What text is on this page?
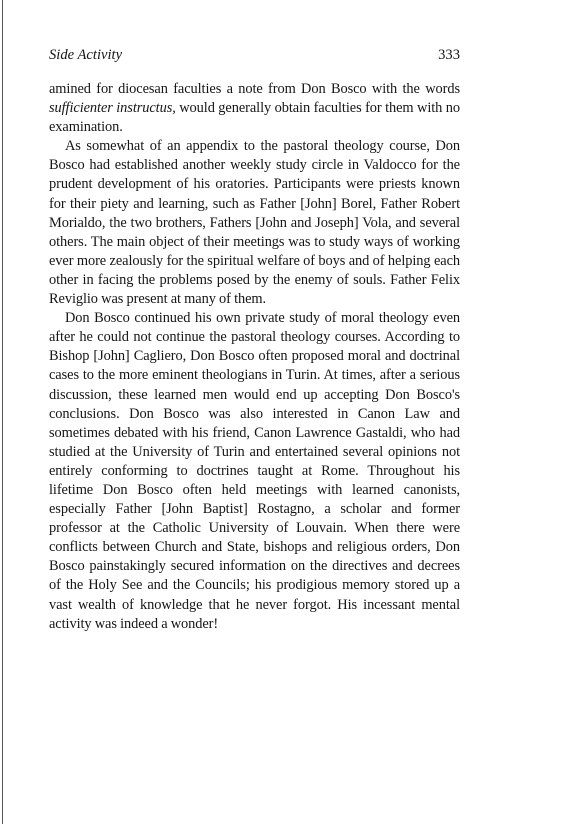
Side Activity	333

amined for diocesan faculties a note from Don Bosco with the words sufficienter instructus, would generally obtain faculties for them with no examination.

As somewhat of an appendix to the pastoral theology course, Don Bosco had established another weekly study circle in Valdocco for the prudent development of his oratories. Participants were priests known for their piety and learning, such as Father [John] Borel, Father Robert Morialdo, the two brothers, Fathers [John and Joseph] Vola, and several others. The main object of their meetings was to study ways of working ever more zealously for the spiritual welfare of boys and of helping each other in facing the problems posed by the enemy of souls. Father Felix Reviglio was present at many of them.

Don Bosco continued his own private study of moral theology even after he could not continue the pastoral theology courses. According to Bishop [John] Cagliero, Don Bosco often proposed moral and doctrinal cases to the more eminent theologians in Turin. At times, after a serious discussion, these learned men would end up accepting Don Bosco's conclusions. Don Bosco was also interested in Canon Law and sometimes debated with his friend, Canon Lawrence Gastaldi, who had studied at the University of Turin and entertained several opinions not entirely conforming to doctrines taught at Rome. Throughout his lifetime Don Bosco often held meetings with learned canonists, especially Father [John Baptist] Rostagno, a scholar and former professor at the Catholic University of Louvain. When there were conflicts between Church and State, bishops and religious orders, Don Bosco painstakingly secured information on the directives and decrees of the Holy See and the Councils; his prodigious memory stored up a vast wealth of knowledge that he never forgot. His incessant mental activity was indeed a wonder!
